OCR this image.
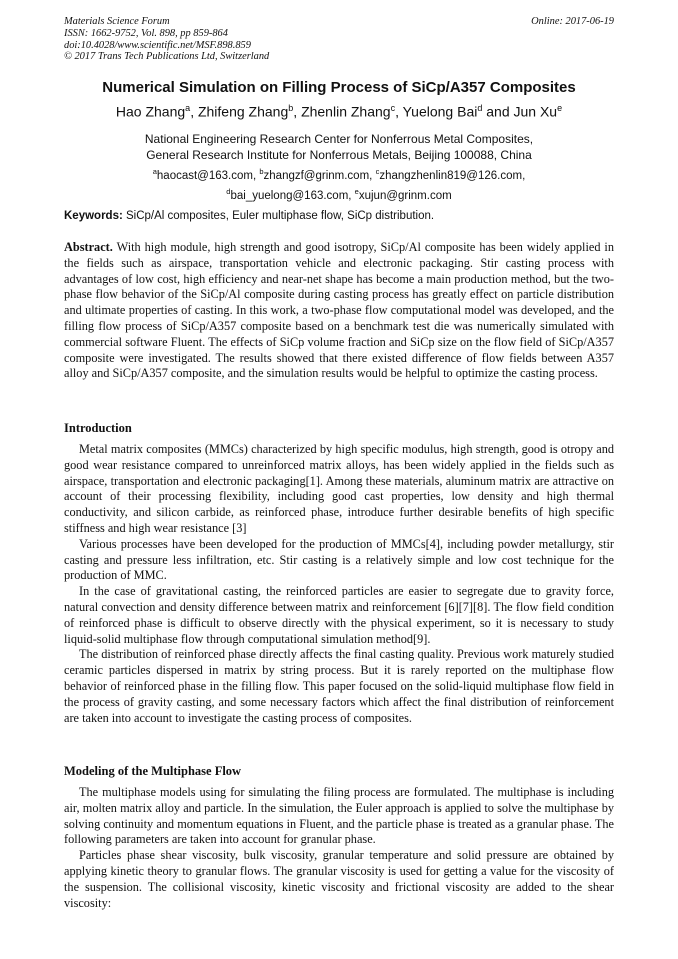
Materials Science Forum
ISSN: 1662-9752, Vol. 898, pp 859-864
doi:10.4028/www.scientific.net/MSF.898.859
© 2017 Trans Tech Publications Ltd, Switzerland
Online: 2017-06-19
Numerical Simulation on Filling Process of SiCp/A357 Composites
Hao Zhang$^a$, Zhifeng Zhang$^b$, Zhenlin Zhang$^c$, Yuelong Bai$^d$ and Jun Xu$^e$
National Engineering Research Center for Nonferrous Metal Composites,
General Research Institute for Nonferrous Metals, Beijing 100088, China
$^a$haocast@163.com, $^b$zhangzf@grinm.com, $^c$zhangzhenlin819@126.com,
$^d$bai_yuelong@163.com, $^e$xujun@grinm.com
Keywords: SiCp/Al composites, Euler multiphase flow, SiCp distribution.

Abstract. With high module, high strength and good isotropy, SiCp/Al composite has been widely applied in the fields such as airspace, transportation vehicle and electronic packaging. Stir casting process with advantages of low cost, high efficiency and near-net shape has become a main production method, but the two-phase flow behavior of the SiCp/Al composite during casting process has greatly effect on particle distribution and ultimate properties of casting. In this work, a two-phase flow computational model was developed, and the filling flow process of SiCp/A357 composite based on a benchmark test die was numerically simulated with commercial software Fluent. The effects of SiCp volume fraction and SiCp size on the flow field of SiCp/A357 composite were investigated. The results showed that there existed difference of flow fields between A357 alloy and SiCp/A357 composite, and the simulation results would be helpful to optimize the casting process.

Introduction

Metal matrix composites (MMCs) characterized by high specific modulus, high strength, good is otropy and good wear resistance compared to unreinforced matrix alloys, has been widely applied in the fields such as airspace, transportation and electronic packaging[1]. Among these materials, aluminum matrix are attractive on account of their processing flexibility, including good cast properties, low density and high thermal conductivity, and silicon carbide, as reinforced phase, introduce further desirable benefits of high specific stiffness and high wear resistance [3]

Various processes have been developed for the production of MMCs[4], including powder metallurgy, stir casting and pressure less infiltration, etc. Stir casting is a relatively simple and low cost technique for the production of MMC.

In the case of gravitational casting, the reinforced particles are easier to segregate due to gravity force, natural convection and density difference between matrix and reinforcement [6][7][8]. The flow field condition of reinforced phase is difficult to observe directly with the physical experiment, so it is necessary to study liquid-solid multiphase flow through computational simulation method[9].

The distribution of reinforced phase directly affects the final casting quality. Previous work maturely studied ceramic particles dispersed in matrix by string process. But it is rarely reported on the multiphase flow behavior of reinforced phase in the filling flow. This paper focused on the solid-liquid multiphase flow field in the process of gravity casting, and some necessary factors which affect the final distribution of reinforcement are taken into account to investigate the casting process of composites.

Modeling of the Multiphase Flow

The multiphase models using for simulating the filing process are formulated. The multiphase is including air, molten matrix alloy and particle. In the simulation, the Euler approach is applied to solve the multiphase by solving continuity and momentum equations in Fluent, and the particle phase is treated as a granular phase. The following parameters are taken into account for granular phase.

Particles phase shear viscosity, bulk viscosity, granular temperature and solid pressure are obtained by applying kinetic theory to granular flows. The granular viscosity is used for getting a value for the viscosity of the suspension. The collisional viscosity, kinetic viscosity and frictional viscosity are added to the shear viscosity:
